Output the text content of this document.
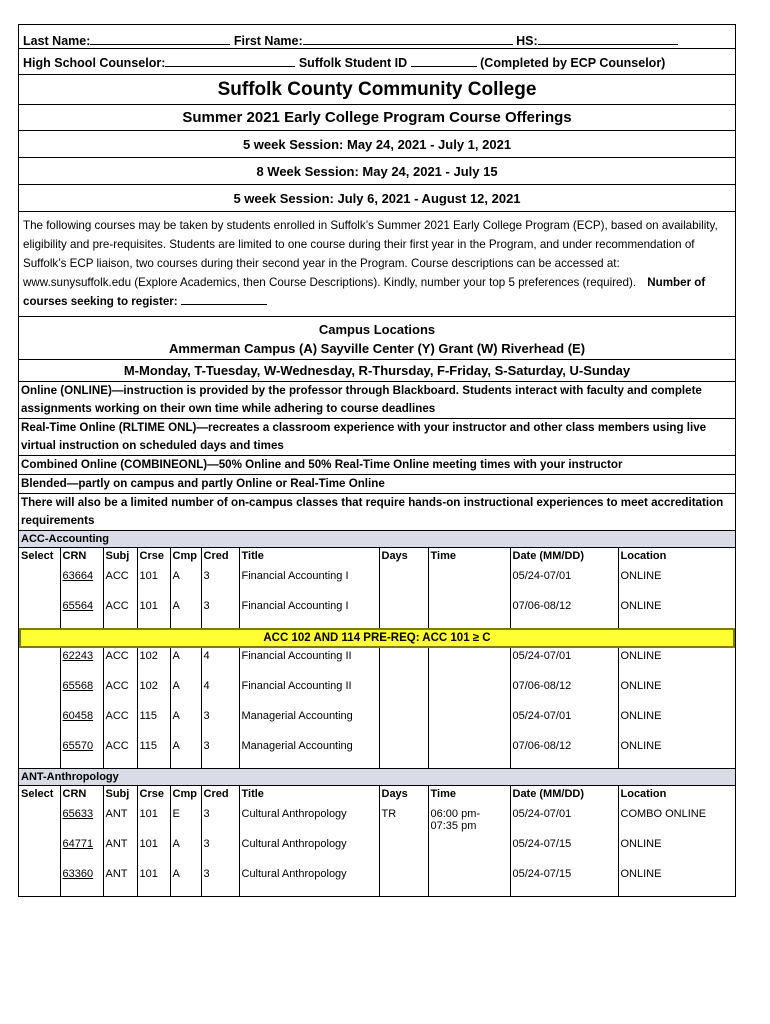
Last Name:	First Name:	HS:
High School Counselor:	Suffolk Student ID	(Completed by ECP Counselor)
Suffolk County Community College
Summer 2021 Early College Program Course Offerings
5 week Session: May 24, 2021 - July 1, 2021
8 Week Session: May 24, 2021 - July 15
5 week Session: July 6, 2021 - August 12, 2021
The following courses may be taken by students enrolled in Suffolk’s Summer 2021 Early College Program (ECP), based on availability, eligibility and pre-requisites. Students are limited to one course during their first year in the Program, and under recommendation of Suffolk’s ECP liaison, two courses during their second year in the Program. Course descriptions can be accessed at: www.sunysuffolk.edu (Explore Academics, then Course Descriptions). Kindly, number your top 5 preferences (required). Number of courses seeking to register:
Campus Locations
Ammerman Campus (A) Sayville Center (Y) Grant (W) Riverhead (E)
M-Monday, T-Tuesday, W-Wednesday, R-Thursday, F-Friday, S-Saturday, U-Sunday
Online (ONLINE)—instruction is provided by the professor through Blackboard. Students interact with faculty and complete assignments working on their own time while adhering to course deadlines
Real-Time Online (RLTIME ONL)—recreates a classroom experience with your instructor and other class members using live virtual instruction on scheduled days and times
Combined Online (COMBINEONL)—50% Online and 50% Real-Time Online meeting times with your instructor
Blended—partly on campus and partly Online or Real-Time Online
There will also be a limited number of on-campus classes that require hands-on instructional experiences to meet accreditation requirements
ACC-Accounting
Select	CRN	Subj	Crse	Cmp	Cred	Title	Days	Time	Date (MM/DD)	Location
	63664	ACC	101	A	3	Financial Accounting I			05/24-07/01	ONLINE
	65564	ACC	101	A	3	Financial Accounting I			07/06-08/12	ONLINE
ACC 102 AND 114 PRE-REQ: ACC 101 ≥ C
	62243	ACC	102	A	4	Financial Accounting II			05/24-07/01	ONLINE
	65568	ACC	102	A	4	Financial Accounting II			07/06-08/12	ONLINE
	60458	ACC	115	A	3	Managerial Accounting			05/24-07/01	ONLINE
	65570	ACC	115	A	3	Managerial Accounting			07/06-08/12	ONLINE
ANT-Anthropology
Select	CRN	Subj	Crse	Cmp	Cred	Title	Days	Time	Date (MM/DD)	Location
	65633	ANT	101	E	3	Cultural Anthropology	TR	06:00 pm-07:35 pm	05/24-07/01	COMBO ONLINE
	64771	ANT	101	A	3	Cultural Anthropology			05/24-07/15	ONLINE
	63360	ANT	101	A	3	Cultural Anthropology			05/24-07/15	ONLINE
